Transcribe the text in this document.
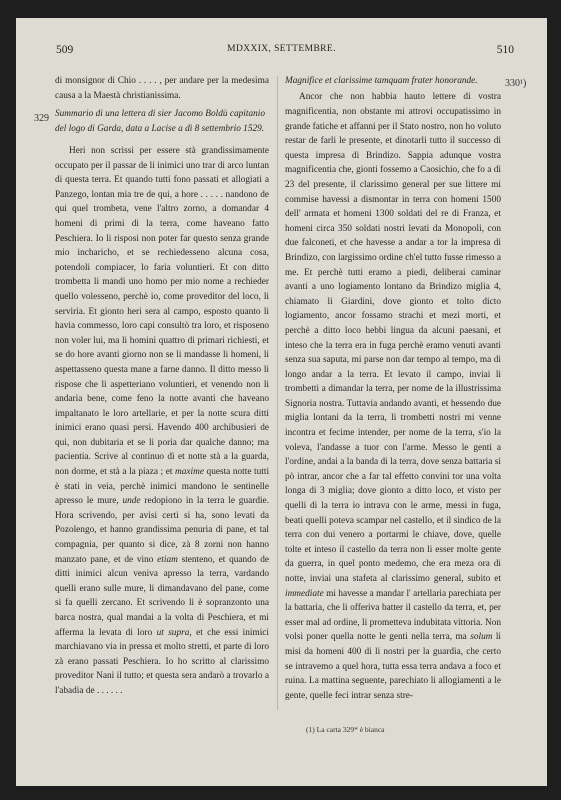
509	MDXXIX, SETTEMBRE.	510
329
330¹)
di monsignor di Chio . . . . , per andare per la medesima causa a la Maestà christianissima.
Summario di una lettera di sier Jacomo Boldù capitanio del logo di Garda, data a Lacise a dì 8 settembrio 1529.
Heri non scrissi per essere stà grandissimamente occupato per il passar de li inimici uno trar di arco luntan di questa terra. Et quando tutti fono passati et allogiati a Panzego, lontan mia tre de qui, a hore . . . . . nandono de qui quel trombeta, vene l'altro zorno, a domandar 4 homeni di primi di la terra, come haveano fatto Peschiera. Io li risposi non poter far questo senza grande mio incharicho, et se rechiedesseno alcuna cosa, potendoli compiacer, lo faria voluntieri. Et con ditto trombetta li mandi uno homo per mio nome a rechieder quello volesseno, perchè io, come proveditor del loco, li serviria. Et gionto heri sera al campo, esposto quanto li havia commesso, loro capi consultò tra loro, et risposeno non voler lui, ma li homini quattro di primari richiesti, et se do hore avanti giorno non se li mandasse li homeni, li aspettasseno questa mane a farne danno. Il ditto messo li rispose che li aspetteriano voluntieri, et venendo non li andaria bene, come feno la notte avanti che haveano impaltanato le loro artellarie, et per la notte scura ditti inimici erano quasi persi. Havendo 400 archibusieri de qui, non dubitaria et se li poria dar qualche danno; ma pacientia. Scrive al continuo dì et notte stà a la guarda, non dorme, et stà a la piaza ; et maxime questa notte tutti è stati in veia, perchè inimici mandono le sentinelle apresso le mure, unde redopiono in la terra le guardie. Hora scrivendo, per avisi certi si ha, sono levati da Pozolengo, et hanno grandissima penuria di pane, et tal compagnia, per quanto si dice, zà 8 zorni non hanno manzato pane, et de vino etiam stenteno, et quando de ditti inimici alcun veniva apresso la terra, vardando quelli erano sulle mure, li dimandavano del pane, come si fa quelli zercano. Et scrivendo li è sopranzonto una barca nostra, qual mandai a la volta di Peschiera, et mi afferma la levata di loro ut supra, et che essi inimici marchiavano via in pressa et molto stretti, et parte di loro zà erano passati Peschiera. Io ho scritto al clarissimo proveditor Nani il tutto; et questa sera andarò a trovarlo a l'abadia de . . . . . .
Magnifice et clarissime tamquam frater honorande.
Ancor che non habbia hauto lettere di vostra magnificentia, non obstante mi attrovi occupatissimo in grande fatiche et affanni per il Stato nostro, non ho voluto restar de farli le presente, et dinotarli tutto il successo di questa impresa di Brindizo. Sappia adunque vostra magnificentia che, gionti fossemo a Caosichio, che fo a dì 23 del presente, il clarissimo general per sue littere mi commise havessi a dismontar in terra con homeni 1500 dell' armata et homeni 1300 soldati del re di Franza, et homeni circa 350 soldati nostri levati da Monopoli, con due falconeti, et che havesse a andar a tor la impresa di Brindizo, con largissimo ordine ch'el tutto fusse rimesso a me. Et perchè tutti eramo a piedi, deliberai caminar avanti a uno logiamento lontano da Brindizo miglia 4, chiamato li Giardini, dove gionto et tolto dicto logiamento, ancor fossamo strachi et mezi morti, et perchè a ditto loco hebbi lingua da alcuni paesani, et inteso che la terra era in fuga perchè eramo venuti avanti senza sua saputa, mi parse non dar tempo al tempo, ma di longo andar a la terra. Et levato il campo, inviai li trombetti a dimandar la terra, per nome de la illustrissima Signoria nostra. Tuttavia andando avanti, et hessendo due miglia lontani da la terra, li trombetti nostri mi venne incontra et fecime intender, per nome de la terra, s'io la voleva, l'andasse a tuor con l'arme. Messo le genti a l'ordine, andai a la banda di la terra, dove senza battaria si pò intrar, ancor che a far tal effetto convini tor una volta longa di 3 miglia; dove gionto a ditto loco, et visto per quelli di la terra io intrava con le arme, messi in fuga, beati quelli poteva scampar nel castello, et il sindico de la terra con dui venero a portarmi le chiave, dove, quelle tolte et inteso il castello da terra non li esser molte gente da guerra, in quel ponto medemo, che era meza ora di notte, inviai una stafeta al clarissimo general, subito et immediate mi havesse a mandar l' artellaria parechiata per la battaria, che li offeriva batter il castello da terra, et, per esser mal ad ordine, li prometteva indubitata vittoria. Non volsi poner quella notte le genti nella terra, ma solum li misi da homeni 400 di li nostri per la guardia, che certo se intravemo a quel hora, tutta essa terra andava a foco et ruina. La mattina seguente, parechiato li allogiamenti a le gente, quelle feci intrar senza stre-
(1) La carta 329* è bianca
